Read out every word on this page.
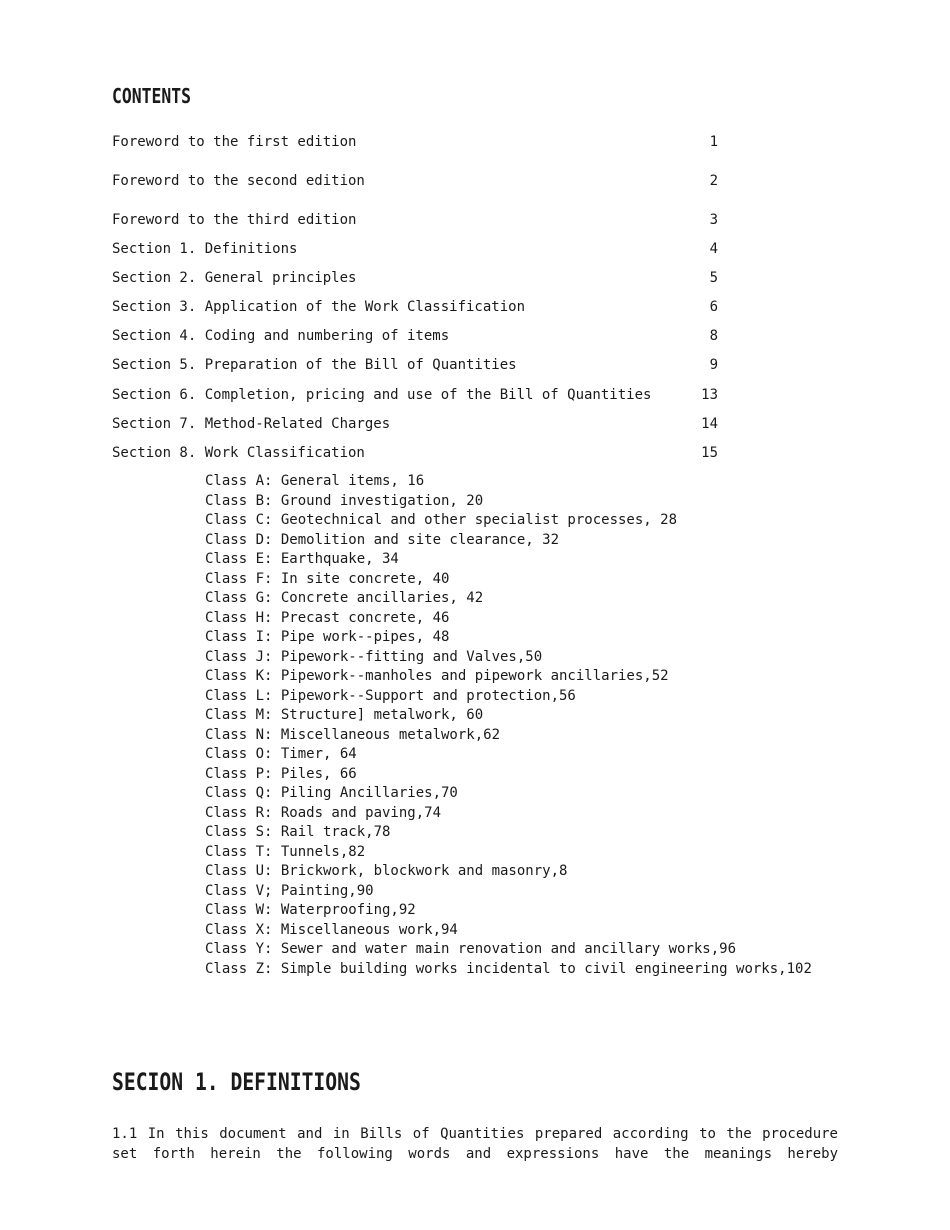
CONTENTS
Foreword to the first edition	1
Foreword to the second edition	2
Foreword to the third edition	3
Section 1. Definitions	4
Section 2. General principles	5
Section 3. Application of the Work Classification	6
Section 4. Coding and numbering of items	8
Section 5. Preparation of the Bill of Quantities	9
Section 6. Completion, pricing and use of the Bill of Quantities	13
Section 7. Method-Related Charges	14
Section 8. Work Classification	15
Class A: General items, 16
Class B: Ground investigation, 20
Class C: Geotechnical and other specialist processes, 28
Class D: Demolition and site clearance, 32
Class E: Earthquake, 34
Class F: In site concrete, 40
Class G: Concrete ancillaries, 42
Class H: Precast concrete, 46
Class I: Pipe work--pipes, 48
Class J: Pipework--fitting and Valves,50
Class K: Pipework--manholes and pipework ancillaries,52
Class L: Pipework--Support and protection,56
Class M: Structure] metalwork, 60
Class N: Miscellaneous metalwork,62
Class O: Timer, 64
Class P: Piles, 66
Class Q: Piling Ancillaries,70
Class R: Roads and paving,74
Class S: Rail track,78
Class T: Tunnels,82
Class U: Brickwork, blockwork and masonry,8
Class V; Painting,90
Class W: Waterproofing,92
Class X: Miscellaneous work,94
Class Y: Sewer and water main renovation and ancillary works,96
Class Z: Simple building works incidental to civil engineering works,102
SECION 1. DEFINITIONS
1.1 In this document and in Bills of Quantities prepared according to the procedure
set forth herein the following words and expressions have the meanings hereby
